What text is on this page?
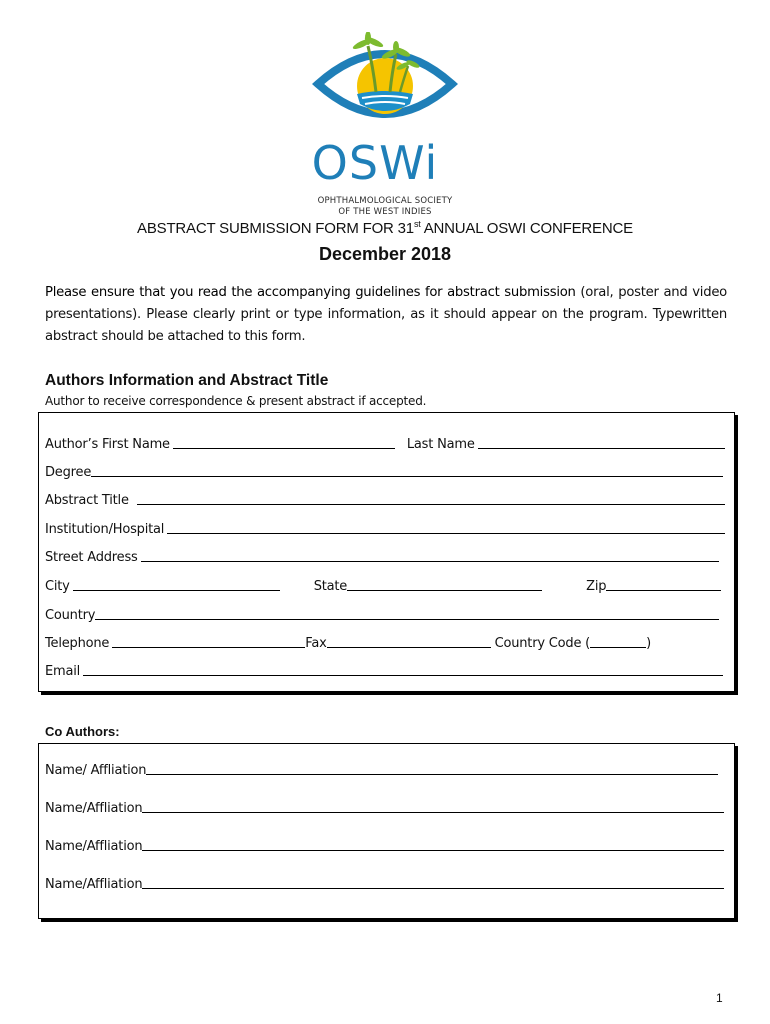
OSWi
OPHTHALMOLOGICAL SOCIETY
OF THE WEST INDIES
ABSTRACT SUBMISSION FORM FOR 31st ANNUAL OSWI CONFERENCE
December 2018
Please ensure that you read the accompanying guidelines for abstract submission (oral, poster and video presentations). Please clearly print or type information, as it should appear on the program. Typewritten abstract should be attached to this form.
Authors Information and Abstract Title
Author to receive correspondence & present abstract if accepted.
Author’s First Name	Last Name
Degree
Abstract Title
Institution/Hospital
Street Address
City	State	Zip
Country
Telephone	Fax	Country Code (	)
Email
Co Authors:
Name/ Affliation
Name/Affliation
Name/Affliation
Name/Affliation
1
